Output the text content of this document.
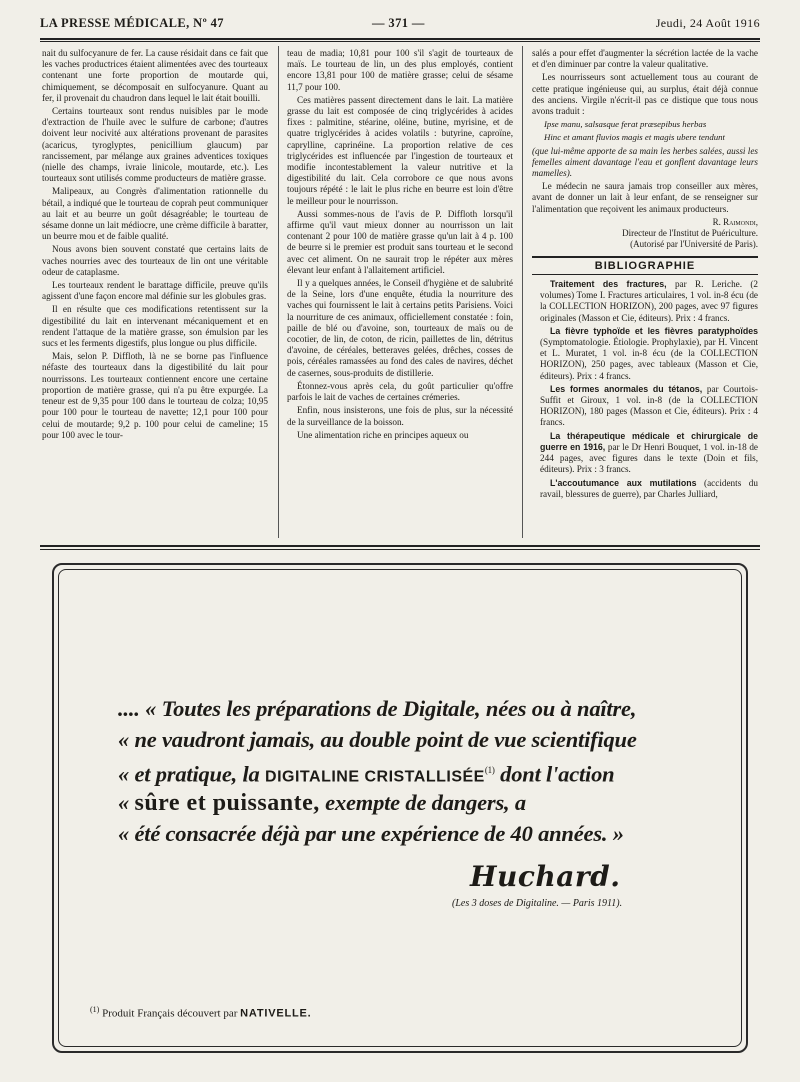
LA PRESSE MÉDICALE, Nº 47	— 371 —	Jeudi, 24 Août 1916

nait du sulfocyanure de fer. La cause résidait dans ce fait que les vaches productrices étaient alimentées avec des tourteaux contenant une forte proportion de moutarde qui, chimiquement, se décomposait en sulfocyanure. Quant au fer, il provenait du chaudron dans lequel le lait était bouilli.

Certains tourteaux sont rendus nuisibles par le mode d'extraction de l'huile avec le sulfure de carbone; d'autres doivent leur nocivité aux altérations provenant de parasites (acaricus, tyroglyptes, penicillium glaucum) par rancissement, par mélange aux graines adventices toxiques (nielle des champs, ivraie linicole, moutarde, etc.). Les tourteaux sont utilisés comme producteurs de matière grasse.

Malipeaux, au Congrès d'alimentation rationnelle du bétail, a indiqué que le tourteau de coprah peut communiquer au lait et au beurre un goût désagréable; le tourteau de sésame donne un lait médiocre, une crème difficile à baratter, un beurre mou et de faible qualité.

Nous avons bien souvent constaté que certains laits de vaches nourries avec des tourteaux de lin ont une véritable odeur de cataplasme.

Les tourteaux rendent le barattage difficile, preuve qu'ils agissent d'une façon encore mal définie sur les globules gras.

Il en résulte que ces modifications retentissent sur la digestibilité du lait en intervenant mécaniquement et en rendent l'attaque de la matière grasse, son émulsion par les sucs et les ferments digestifs, plus longue ou plus difficile.

Mais, selon P. Diffloth, là ne se borne pas l'influence néfaste des tourteaux dans la digestibilité du lait pour nourrissons. Les tourteaux contiennent encore une certaine proportion de matière grasse, qui n'a pu être expurgée. La teneur est de 9,35 pour 100 dans le tourteau de colza; 10,95 pour 100 pour le tourteau de navette; 12,1 pour 100 pour celui de moutarde; 9,2 p. 100 pour celui de cameline; 15 pour 100 avec le tour-

teau de madia; 10,81 pour 100 s'il s'agit de tourteaux de maïs. Le tourteau de lin, un des plus employés, contient encore 13,81 pour 100 de matière grasse; celui de sésame 11,7 pour 100.

Ces matières passent directement dans le lait. La matière grasse du lait est composée de cinq triglycérides à acides fixes : palmitine, stéarine, oléine, butine, myrisine, et de quatre triglycérides à acides volatils : butyrine, caproïne, caprylline, caprinéine. La proportion relative de ces triglycérides est influencée par l'ingestion de tourteaux et modifie incontestablement la valeur nutritive et la digestibilité du lait. Cela corrobore ce que nous avons toujours répété : le lait le plus riche en beurre est loin d'être le meilleur pour le nourrisson.

Aussi sommes-nous de l'avis de P. Diffloth lorsqu'il affirme qu'il vaut mieux donner au nourrisson un lait contenant 2 pour 100 de matière grasse qu'un lait à 4 p. 100 de beurre si le premier est produit sans tourteau et le second avec cet aliment. On ne saurait trop le répéter aux mères élevant leur enfant à l'allaitement artificiel.

Il y a quelques années, le Conseil d'hygiène et de salubrité de la Seine, lors d'une enquête, étudia la nourriture des vaches qui fournissent le lait à certains petits Parisiens. Voici la nourriture de ces animaux, officiellement constatée : foin, paille de blé ou d'avoine, son, tourteaux de maïs ou de cocotier, de lin, de coton, de ricin, paillettes de lin, détritus d'avoine, de céréales, betteraves gelées, drêches, cosses de pois, céréales ramassées au fond des cales de navires, déchet de casernes, sous-produits de distillerie.

Étonnez-vous après cela, du goût particulier qu'offre parfois le lait de vaches de certaines crémeries.

Enfin, nous insisterons, une fois de plus, sur la nécessité de la surveillance de la boisson.

Une alimentation riche en principes aqueux ou

salés a pour effet d'augmenter la sécrétion lactée de la vache et d'en diminuer par contre la valeur qualitative.

Les nourrisseurs sont actuellement tous au courant de cette pratique ingénieuse qui, au surplus, était déjà connue des anciens. Virgile n'écrit-il pas ce distique que tous nous avons traduit :

Ipse manu, salsasque ferat præsepibus herbas

Hinc et amant fluvios magis et magis ubere tendunt

(que lui-même apporte de sa main les herbes salées, aussi les femelles aiment davantage l'eau et gonflent davantage leurs mamelles).

Le médecin ne saura jamais trop conseiller aux mères, avant de donner un lait à leur enfant, de se renseigner sur l'alimentation que reçoivent les animaux producteurs.

R. Raimondi,
Directeur de l'Institut de Puériculture.
(Autorisé par l'Université de Paris).
BIBLIOGRAPHIE

Traitement des fractures, par R. Leriche. (2 volumes) Tome I. Fractures articulaires, 1 vol. in-8 écu (de la COLLECTION HORIZON), 200 pages, avec 97 figures originales (Masson et Cie, éditeurs). Prix : 4 francs.

La fièvre typhoïde et les fièvres paratyphoïdes (Symptomatologie. Étiologie. Prophylaxie), par H. Vincent et L. Muratet, 1 vol. in-8 écu (de la COLLECTION HORIZON), 250 pages, avec tableaux (Masson et Cie, éditeurs). Prix : 4 francs.

Les formes anormales du tétanos, par Courtois-Suffit et Giroux, 1 vol. in-8 (de la COLLECTION HORIZON), 180 pages (Masson et Cie, éditeurs). Prix : 4 francs.

La thérapeutique médicale et chirurgicale de guerre en 1916, par le Dr Henri Bouquet, 1 vol. in-18 de 244 pages, avec figures dans le texte (Doin et fils, éditeurs). Prix : 3 francs.

L'accoutumance aux mutilations (accidents du ravail, blessures de guerre), par Charles Julliard,

.... « Toutes les préparations de Digitale, nées ou à naître,
« ne vaudront jamais, au double point de vue scientifique
« et pratique, la DIGITALINE CRISTALLISÉE$^{(1)}$ dont l'action
« sûre et puissante, exempte de dangers, a
« été consacrée déjà par une expérience de 40 années. »
Huchard.
(Les 3 doses de Digitaline. — Paris 1911).
$^{(1)}$ Produit Français découvert par NATIVELLE.
